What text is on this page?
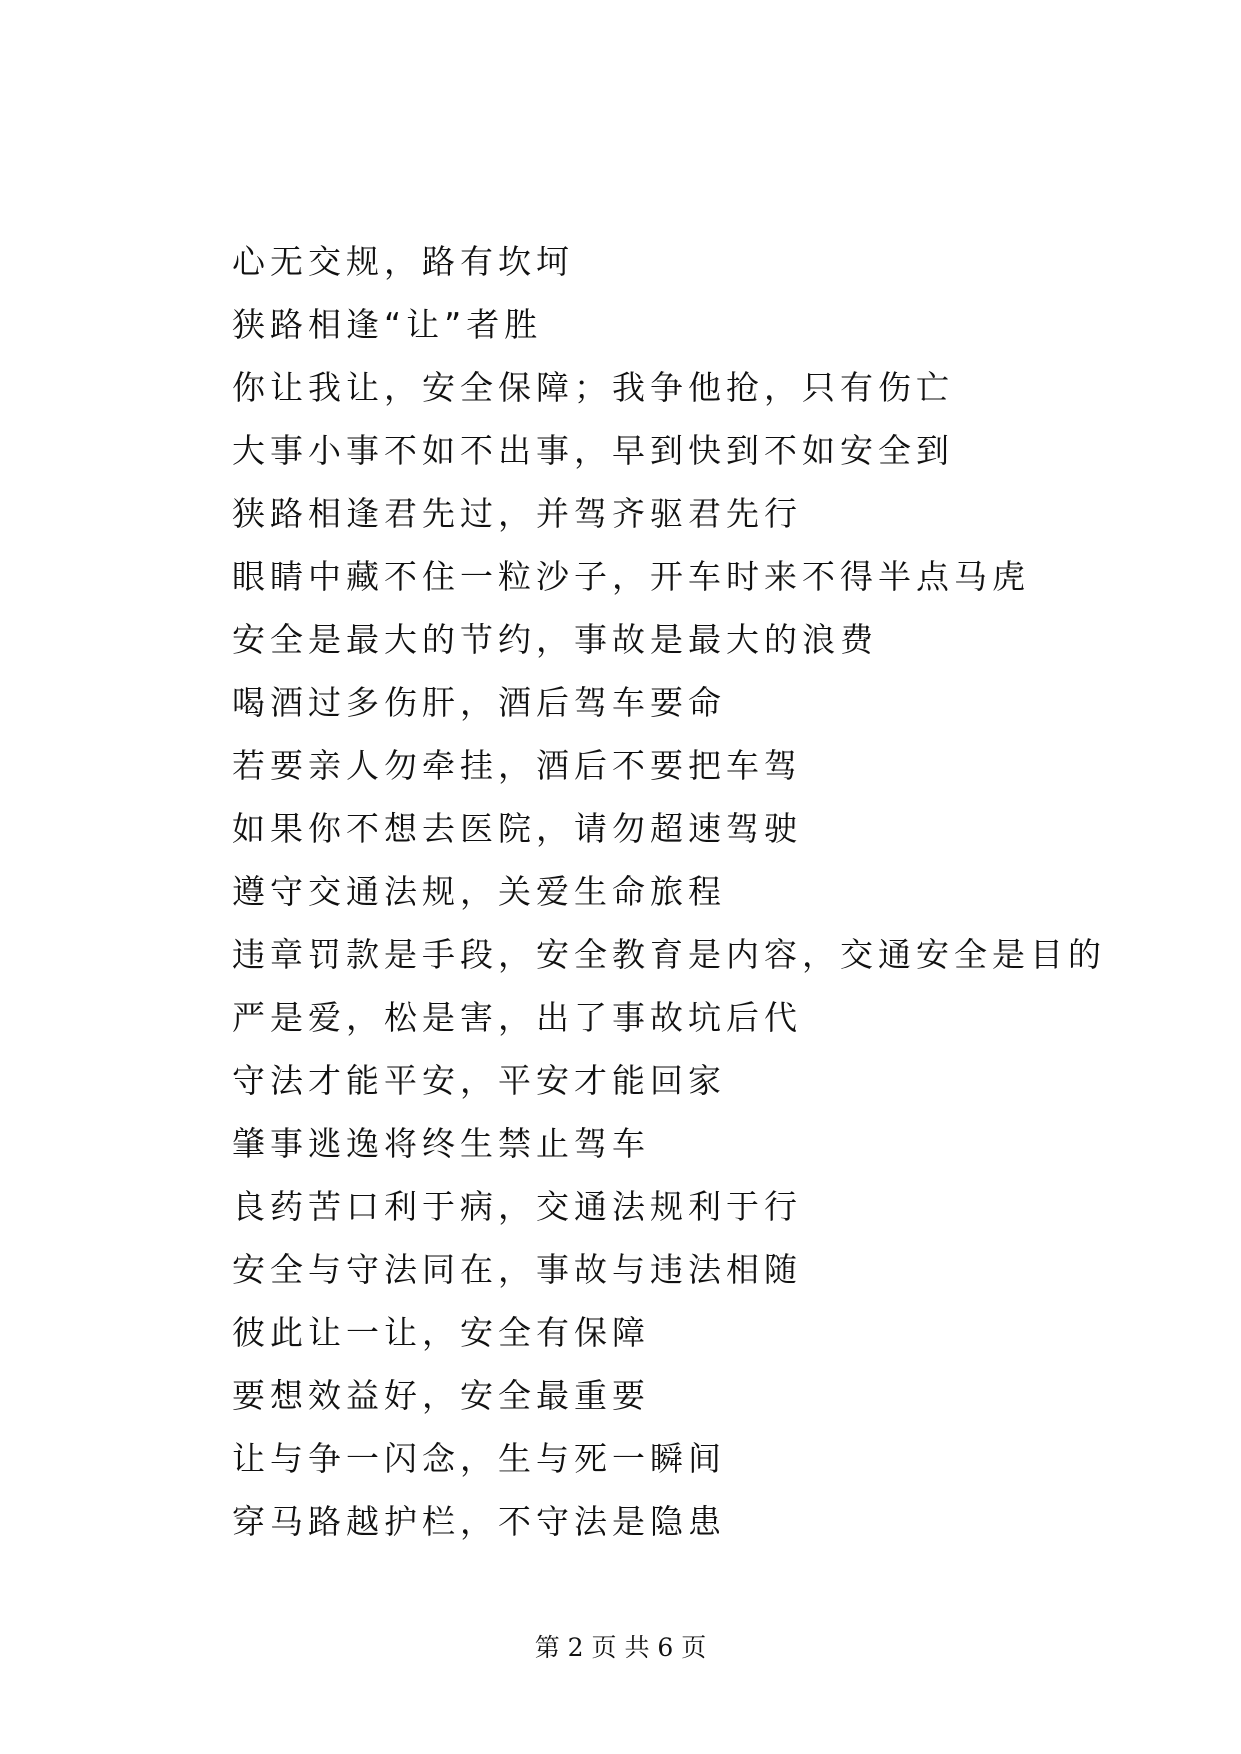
心无交规，路有坎坷
狭路相逢“让”者胜
你让我让，安全保障；我争他抢，只有伤亡
大事小事不如不出事，早到快到不如安全到
狭路相逢君先过，并驾齐驱君先行
眼睛中藏不住一粒沙子，开车时来不得半点马虎
安全是最大的节约，事故是最大的浪费
喝酒过多伤肝，酒后驾车要命
若要亲人勿牵挂，酒后不要把车驾
如果你不想去医院，请勿超速驾驶
遵守交通法规，关爱生命旅程
违章罚款是手段，安全教育是内容，交通安全是目的
严是爱，松是害，出了事故坑后代
守法才能平安，平安才能回家
肇事逃逸将终生禁止驾车
良药苦口利于病，交通法规利于行
安全与守法同在，事故与违法相随
彼此让一让，安全有保障
要想效益好，安全最重要
让与争一闪念，生与死一瞬间
穿马路越护栏，不守法是隐患
第 2 页 共 6 页
